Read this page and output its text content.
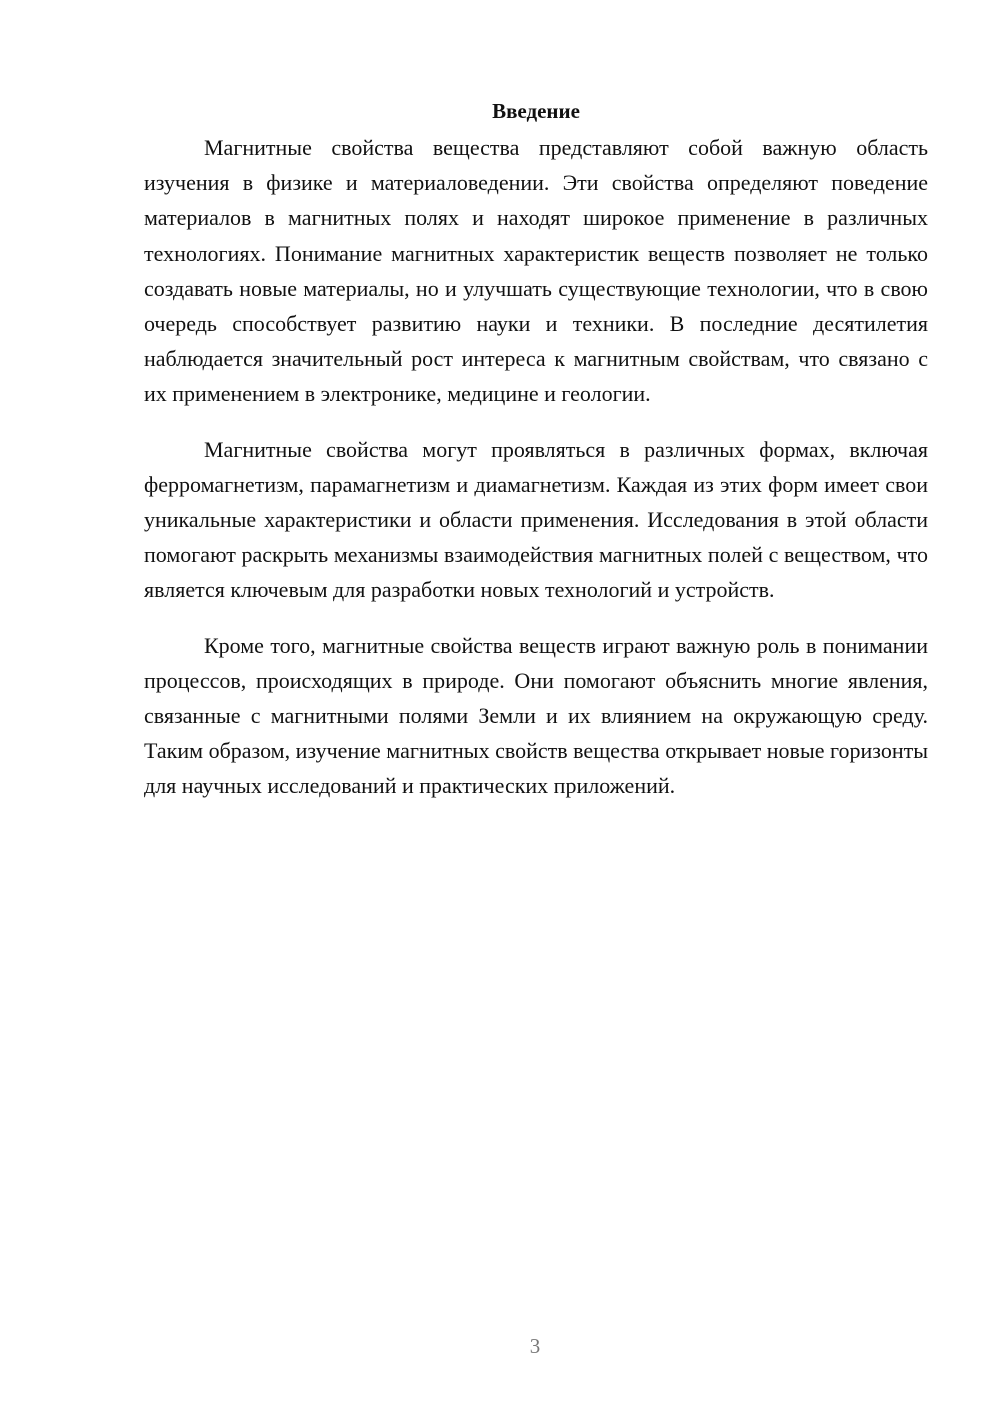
Введение

Магнитные свойства вещества представляют собой важную область изучения в физике и материаловедении. Эти свойства определяют поведение материалов в магнитных полях и находят широкое применение в различных технологиях. Понимание магнитных характеристик веществ позволяет не только создавать новые материалы, но и улучшать существующие технологии, что в свою очередь способствует развитию науки и техники. В последние десятилетия наблюдается значительный рост интереса к магнитным свойствам, что связано с их применением в электронике, медицине и геологии.

Магнитные свойства могут проявляться в различных формах, включая ферромагнетизм, парамагнетизм и диамагнетизм. Каждая из этих форм имеет свои уникальные характеристики и области применения. Исследования в этой области помогают раскрыть механизмы взаимодействия магнитных полей с веществом, что является ключевым для разработки новых технологий и устройств.

Кроме того, магнитные свойства веществ играют важную роль в понимании процессов, происходящих в природе. Они помогают объяснить многие явления, связанные с магнитными полями Земли и их влиянием на окружающую среду. Таким образом, изучение магнитных свойств вещества открывает новые горизонты для научных исследований и практических приложений.

3
